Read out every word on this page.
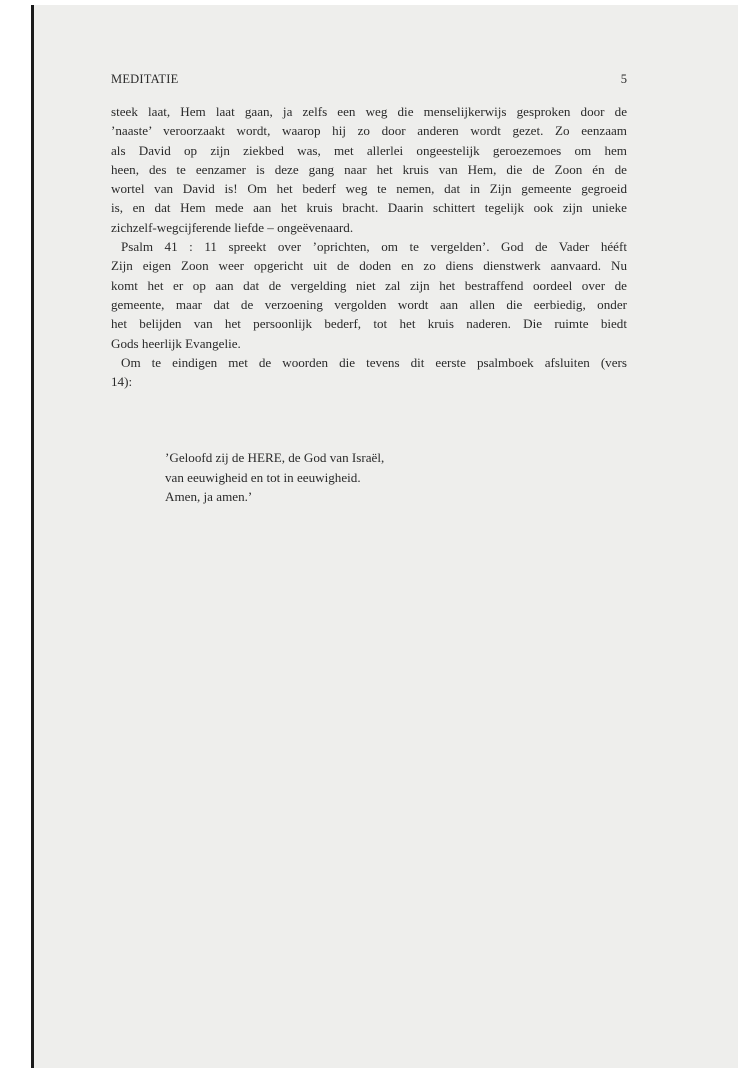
MEDITATIE	5

steek laat, Hem laat gaan, ja zelfs een weg die menselijkerwijs gesproken door de
’naaste’ veroorzaakt wordt, waarop hij zo door anderen wordt gezet. Zo eenzaam
als David op zijn ziekbed was, met allerlei ongeestelijk geroezemoes om hem
heen, des te eenzamer is deze gang naar het kruis van Hem, die de Zoon én de
wortel van David is! Om het bederf weg te nemen, dat in Zijn gemeente gegroeid
is, en dat Hem mede aan het kruis bracht. Daarin schittert tegelijk ook zijn unieke
zichzelf-wegcijferende liefde – ongeëvenaard.

Psalm 41 : 11 spreekt over ’oprichten, om te vergelden’. God de Vader hééft
Zijn eigen Zoon weer opgericht uit de doden en zo diens dienstwerk aanvaard. Nu
komt het er op aan dat de vergelding niet zal zijn het bestraffend oordeel over de
gemeente, maar dat de verzoening vergolden wordt aan allen die eerbiedig, onder
het belijden van het persoonlijk bederf, tot het kruis naderen. Die ruimte biedt
Gods heerlijk Evangelie.

Om te eindigen met de woorden die tevens dit eerste psalmboek afsluiten (vers
14):

’Geloofd zij de HERE, de God van Israël,
van eeuwigheid en tot in eeuwigheid.
Amen, ja amen.’
